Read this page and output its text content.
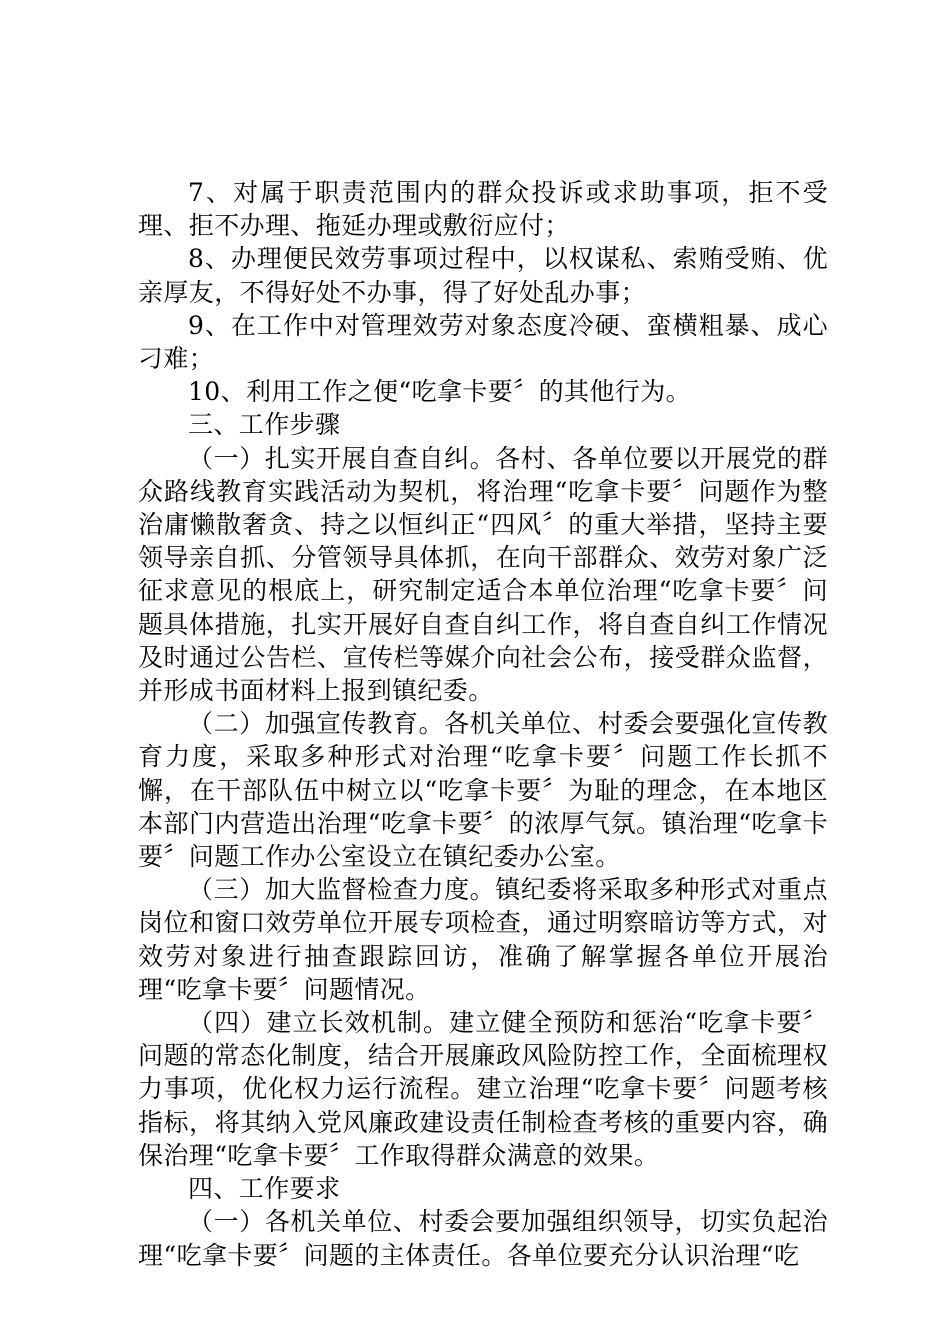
7、对属于职责范围内的群众投诉或求助事项，拒不受理、拒不办理、拖延办理或敷衍应付；

8、办理便民效劳事项过程中，以权谋私、索贿受贿、优亲厚友，不得好处不办事，得了好处乱办事；

9、在工作中对管理效劳对象态度冷硬、蛮横粗暴、成心刁难；

10、利用工作之便“吃拿卡要〞的其他行为。

三、工作步骤

（一）扎实开展自查自纠。各村、各单位要以开展党的群众路线教育实践活动为契机，将治理“吃拿卡要〞问题作为整治庸懒散奢贪、持之以恒纠正“四风〞的重大举措，坚持主要领导亲自抓、分管领导具体抓，在向干部群众、效劳对象广泛征求意见的根底上，研究制定适合本单位治理“吃拿卡要〞问题具体措施，扎实开展好自查自纠工作，将自查自纠工作情况及时通过公告栏、宣传栏等媒介向社会公布，接受群众监督，并形成书面材料上报到镇纪委。

（二）加强宣传教育。各机关单位、村委会要强化宣传教育力度，采取多种形式对治理“吃拿卡要〞问题工作长抓不懈，在干部队伍中树立以“吃拿卡要〞为耻的理念，在本地区本部门内营造出治理“吃拿卡要〞的浓厚气氛。镇治理“吃拿卡要〞问题工作办公室设立在镇纪委办公室。

（三）加大监督检查力度。镇纪委将采取多种形式对重点岗位和窗口效劳单位开展专项检查，通过明察暗访等方式，对效劳对象进行抽查跟踪回访，准确了解掌握各单位开展治理“吃拿卡要〞问题情况。

（四）建立长效机制。建立健全预防和惩治“吃拿卡要〞问题的常态化制度，结合开展廉政风险防控工作，全面梳理权力事项，优化权力运行流程。建立治理“吃拿卡要〞问题考核指标，将其纳入党风廉政建设责任制检查考核的重要内容，确保治理“吃拿卡要〞工作取得群众满意的效果。

四、工作要求

（一）各机关单位、村委会要加强组织领导，切实负起治理“吃拿卡要〞问题的主体责任。各单位要充分认识治理“吃
